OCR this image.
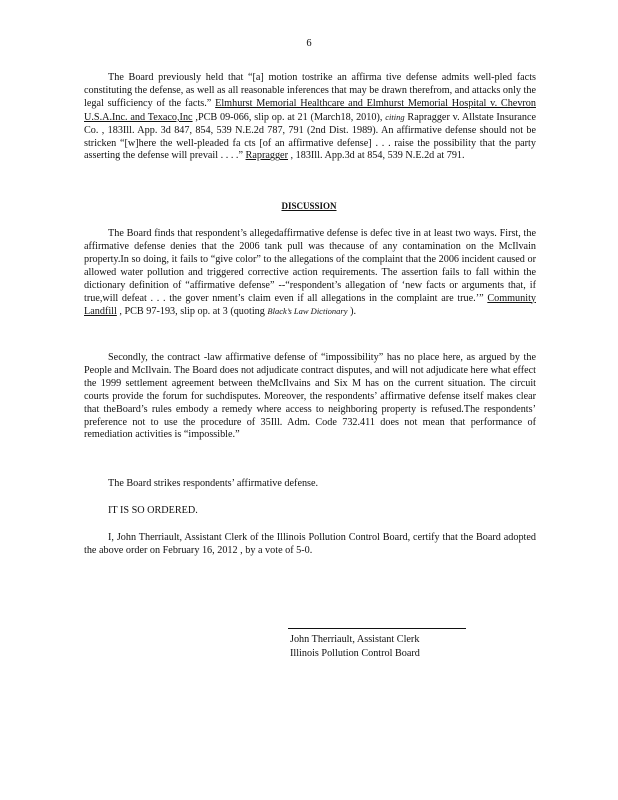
6

The Board previously held that “[a] motion tostrike an affirma tive defense admits well-pled facts constituting the defense, as well as all reasonable inferences that may be drawn therefrom, and attacks only the legal sufficiency of the facts.” Elmhurst Memorial Healthcare and Elmhurst Memorial Hospital v. Chevron U.S.A.Inc. and Texaco,Inc ,PCB 09-066, slip op. at 21 (March18, 2010), citing Rapragger v. Allstate Insurance Co. , 183Ill. App. 3d 847, 854, 539 N.E.2d 787, 791 (2nd Dist. 1989). An affirmative defense should not be stricken “[w]here the well-pleaded fa cts [of an affirmative defense] . . . raise the possibility that the party asserting the defense will prevail . . . .” Rapragger , 183Ill. App.3d at 854, 539 N.E.2d at 791.

DISCUSSION

The Board finds that respondent’s allegedaffirmative defense is defec tive in at least two ways. First, the affirmative defense denies that the 2006 tank pull was thecause of any contamination on the McIlvain property.In so doing, it fails to “give color” to the allegations of the complaint that the 2006 incident caused or allowed water pollution and triggered corrective action requirements. The assertion fails to fall within the dictionary definition of “affirmative defense” --“respondent’s allegation of ‘new facts or arguments that, if true,will defeat . . . the gover nment’s claim even if all allegations in the complaint are true.’” Community Landfill , PCB 97-193, slip op. at 3 (quoting Black’s Law Dictionary ).

Secondly, the contract -law affirmative defense of “impossibility” has no place here, as argued by the People and McIlvain. The Board does not adjudicate contract disputes, and will not adjudicate here what effect the 1999 settlement agreement between theMcIlvains and Six M has on the current situation. The circuit courts provide the forum for suchdisputes. Moreover, the respondents’ affirmative defense itself makes clear that theBoard’s rules embody a remedy where access to neighboring property is refused.The respondents’ preference not to use the procedure of 35Ill. Adm. Code 732.411 does not mean that performance of remediation activities is “impossible.”

The Board strikes respondents’ affirmative defense.

IT IS SO ORDERED.

I, John Therriault, Assistant Clerk of the Illinois Pollution Control Board, certify that the Board adopted the above order on February 16, 2012 , by a vote of 5-0.

John Therriault, Assistant Clerk
Illinois Pollution Control Board
